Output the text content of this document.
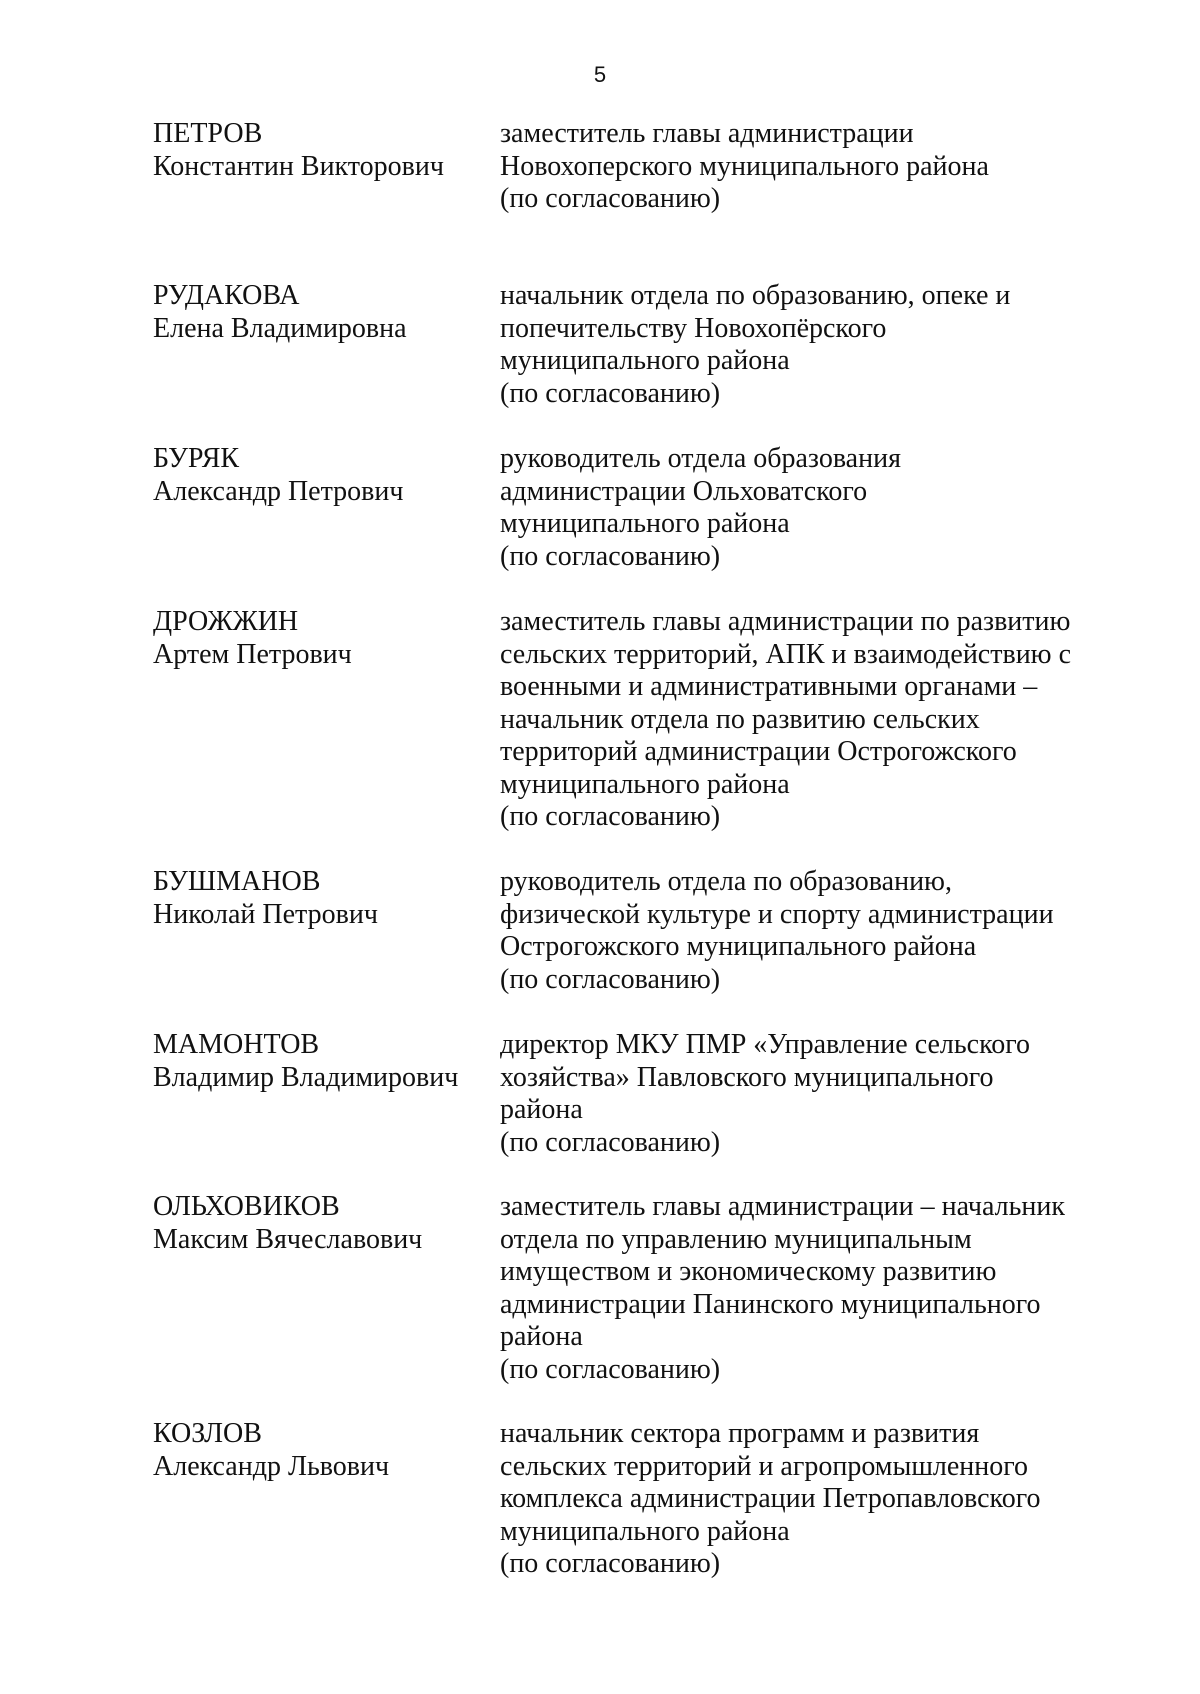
5
ПЕТРОВ
Константин Викторович
заместитель главы администрации
Новохоперского муниципального района
(по согласованию)
РУДАКОВА
Елена Владимировна
начальник отдела по образованию, опеке и
попечительству Новохопёрского
муниципального района
(по согласованию)
БУРЯК
Александр Петрович
руководитель отдела образования
администрации Ольховатского
муниципального района
(по согласованию)
ДРОЖЖИН
Артем Петрович
заместитель главы администрации по развитию
сельских территорий, АПК и взаимодействию с
военными и административными органами –
начальник отдела по развитию сельских
территорий администрации Острогожского
муниципального района
(по согласованию)
БУШМАНОВ
Николай Петрович
руководитель отдела по образованию,
физической культуре и спорту администрации
Острогожского муниципального района
(по согласованию)
МАМОНТОВ
Владимир Владимирович
директор МКУ ПМР «Управление сельского
хозяйства» Павловского муниципального
района
(по согласованию)
ОЛЬХОВИКОВ
Максим Вячеславович
заместитель главы администрации – начальник
отдела по управлению муниципальным
имуществом и экономическому развитию
администрации Панинского муниципального
района
(по согласованию)
КОЗЛОВ
Александр Львович
начальник сектора программ и развития
сельских территорий и агропромышленного
комплекса администрации Петропавловского
муниципального района
(по согласованию)
